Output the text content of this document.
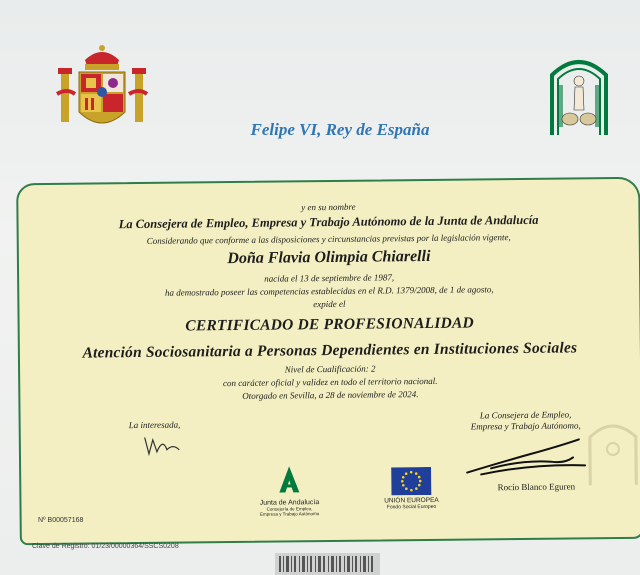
Felipe VI, Rey de España
y en su nombre
La Consejera de Empleo, Empresa y Trabajo Autónomo de la Junta de Andalucía
Considerando que conforme a las disposiciones y circunstancias previstas por la legislación vigente,
Doña Flavia Olimpia Chiarelli
nacida el 13 de septiembre de 1987,
ha demostrado poseer las competencias establecidas en el R.D. 1379/2008, de 1 de agosto,
expide el
CERTIFICADO DE PROFESIONALIDAD
Atención Sociosanitaria a Personas Dependientes en Instituciones Sociales
Nivel de Cualificación: 2
con carácter oficial y validez en todo el territorio nacional.
Otorgado en Sevilla, a 28 de noviembre de 2024.
La interesada,
La Consejera de Empleo,
Empresa y Trabajo Autónomo,
Rocío Blanco Eguren
Junta de Andalucía
Consejería de Empleo,
Empresa y Trabajo Autónomo
UNIÓN EUROPEA
Fondo Social Europeo
Nº B00057168
Clave de Registro: 01/23/00000364/SSCS0208
